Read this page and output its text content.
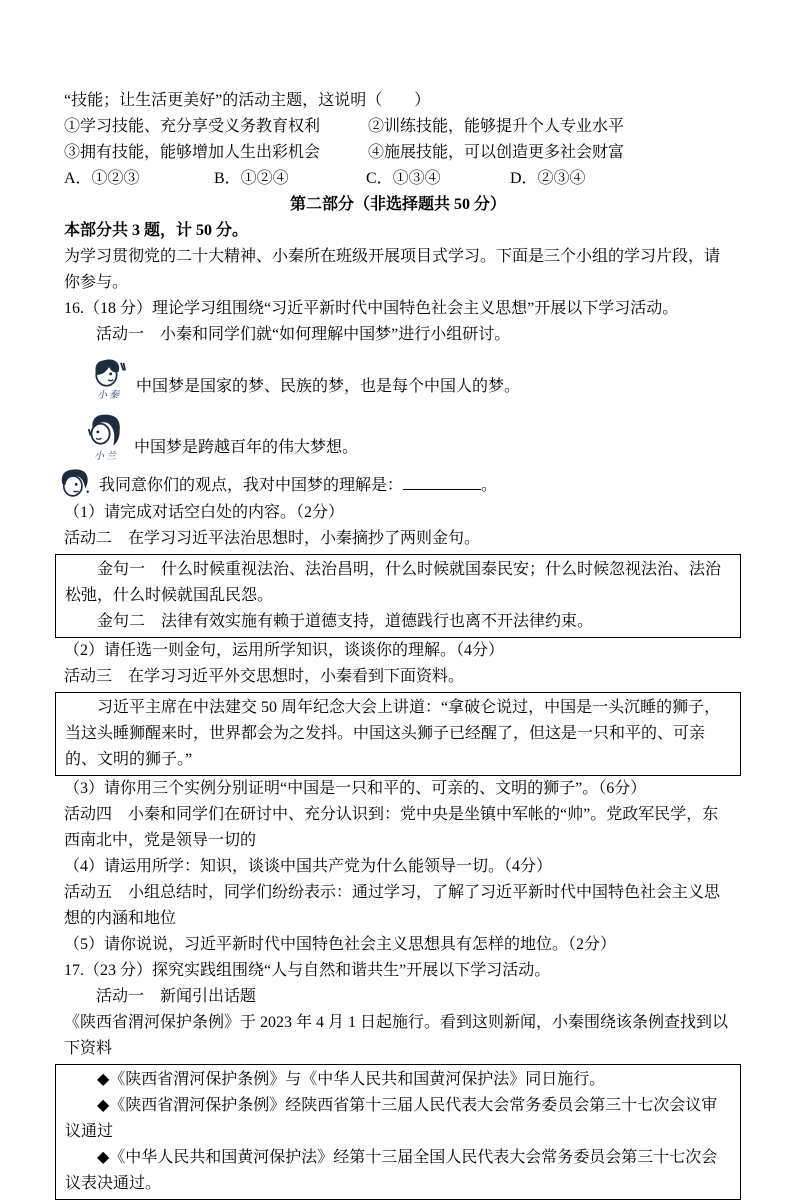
“技能；让生活更美好”的活动主题，这说明（　　）

①学习技能、充分享受义务教育权利	②训练技能，能够提升个人专业水平
③拥有技能，能够增加人生出彩机会	④施展技能，可以创造更多社会财富
A．①②③	B．①②④	C．①③④	D．②③④

第二部分（非选择题共 50 分）

本部分共 3 题，计 50 分。

为学习贯彻党的二十大精神、小秦所在班级开展项目式学习。下面是三个小组的学习片段，请你参与。

16.（18 分）理论学习组围绕“习近平新时代中国特色社会主义思想”开展以下学习活动。

活动一　小秦和同学们就“如何理解中国梦”进行小组研讨。

小秦
中国梦是国家的梦、民族的梦，也是每个中国人的梦。
小兰
中国梦是跨越百年的伟大梦想。
我同意你们的观点，我对中国梦的理解是：	。

（1）请完成对话空白处的内容。（2分）

活动二　在学习习近平法治思想时，小秦摘抄了两则金句。

金句一　什么时候重视法治、法治昌明，什么时候就国泰民安；什么时候忽视法治、法治松弛，什么时候就国乱民怨。

金句二　法律有效实施有赖于道德支持，道德践行也离不开法律约束。

（2）请任选一则金句，运用所学知识，谈谈你的理解。（4分）

活动三　在学习习近平外交思想时，小秦看到下面资料。

习近平主席在中法建交 50 周年纪念大会上讲道：“拿破仑说过，中国是一头沉睡的狮子，当这头睡狮醒来时，世界都会为之发抖。中国这头狮子已经醒了，但这是一只和平的、可亲的、文明的狮子。”

（3）请你用三个实例分别证明“中国是一只和平的、可亲的、文明的狮子”。（6分）

活动四　小秦和同学们在研讨中、充分认识到：党中央是坐镇中军帐的“帅”。党政军民学，东西南北中，党是领导一切的

（4）请运用所学：知识，谈谈中国共产党为什么能领导一切。（4分）

活动五　小组总结时，同学们纷纷表示：通过学习，了解了习近平新时代中国特色社会主义思想的内涵和地位

（5）请你说说，习近平新时代中国特色社会主义思想具有怎样的地位。（2分）

17.（23 分）探究实践组围绕“人与自然和谐共生”开展以下学习活动。

活动一　新闻引出话题

《陕西省渭河保护条例》于 2023 年 4 月 1 日起施行。看到这则新闻，小秦围绕该条例查找到以下资料

◆《陕西省渭河保护条例》与《中华人民共和国黄河保护法》同日施行。

◆《陕西省渭河保护条例》经陕西省第十三届人民代表大会常务委员会第三十七次会议审议通过

◆《中华人民共和国黄河保护法》经第十三届全国人民代表大会常务委员会第三十七次会议表决通过。
